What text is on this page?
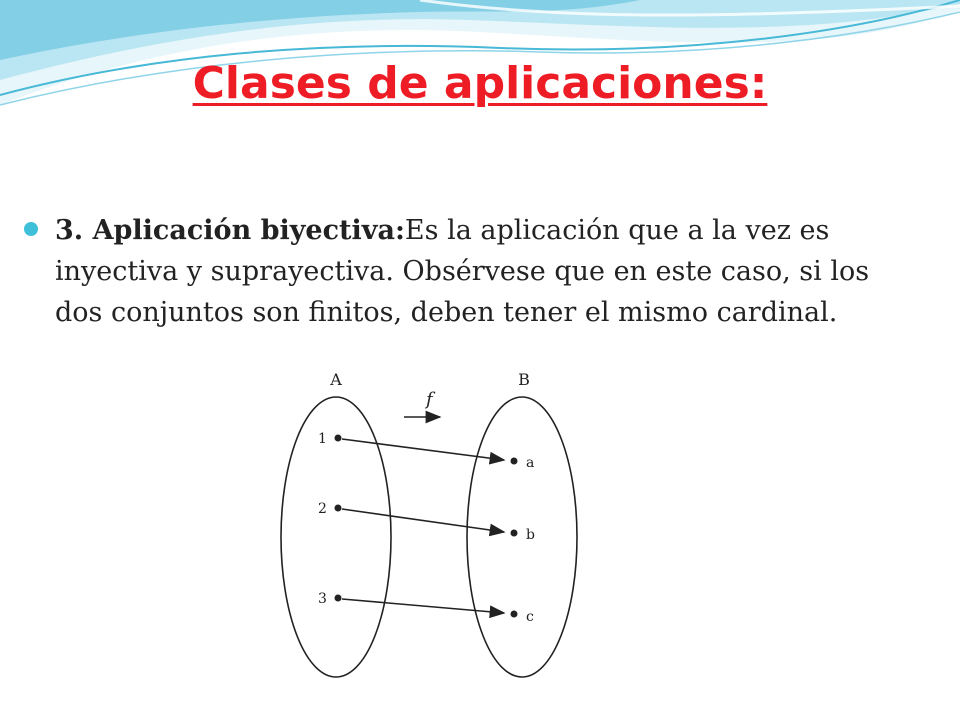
Clases de aplicaciones:

3. Aplicación biyectiva:Es la aplicación que a la vez es inyectiva y suprayectiva. Obsérvese que en este caso, si los dos conjuntos son finitos, deben tener el mismo cardinal.

A	B
f
1
2
3
a
b
c
